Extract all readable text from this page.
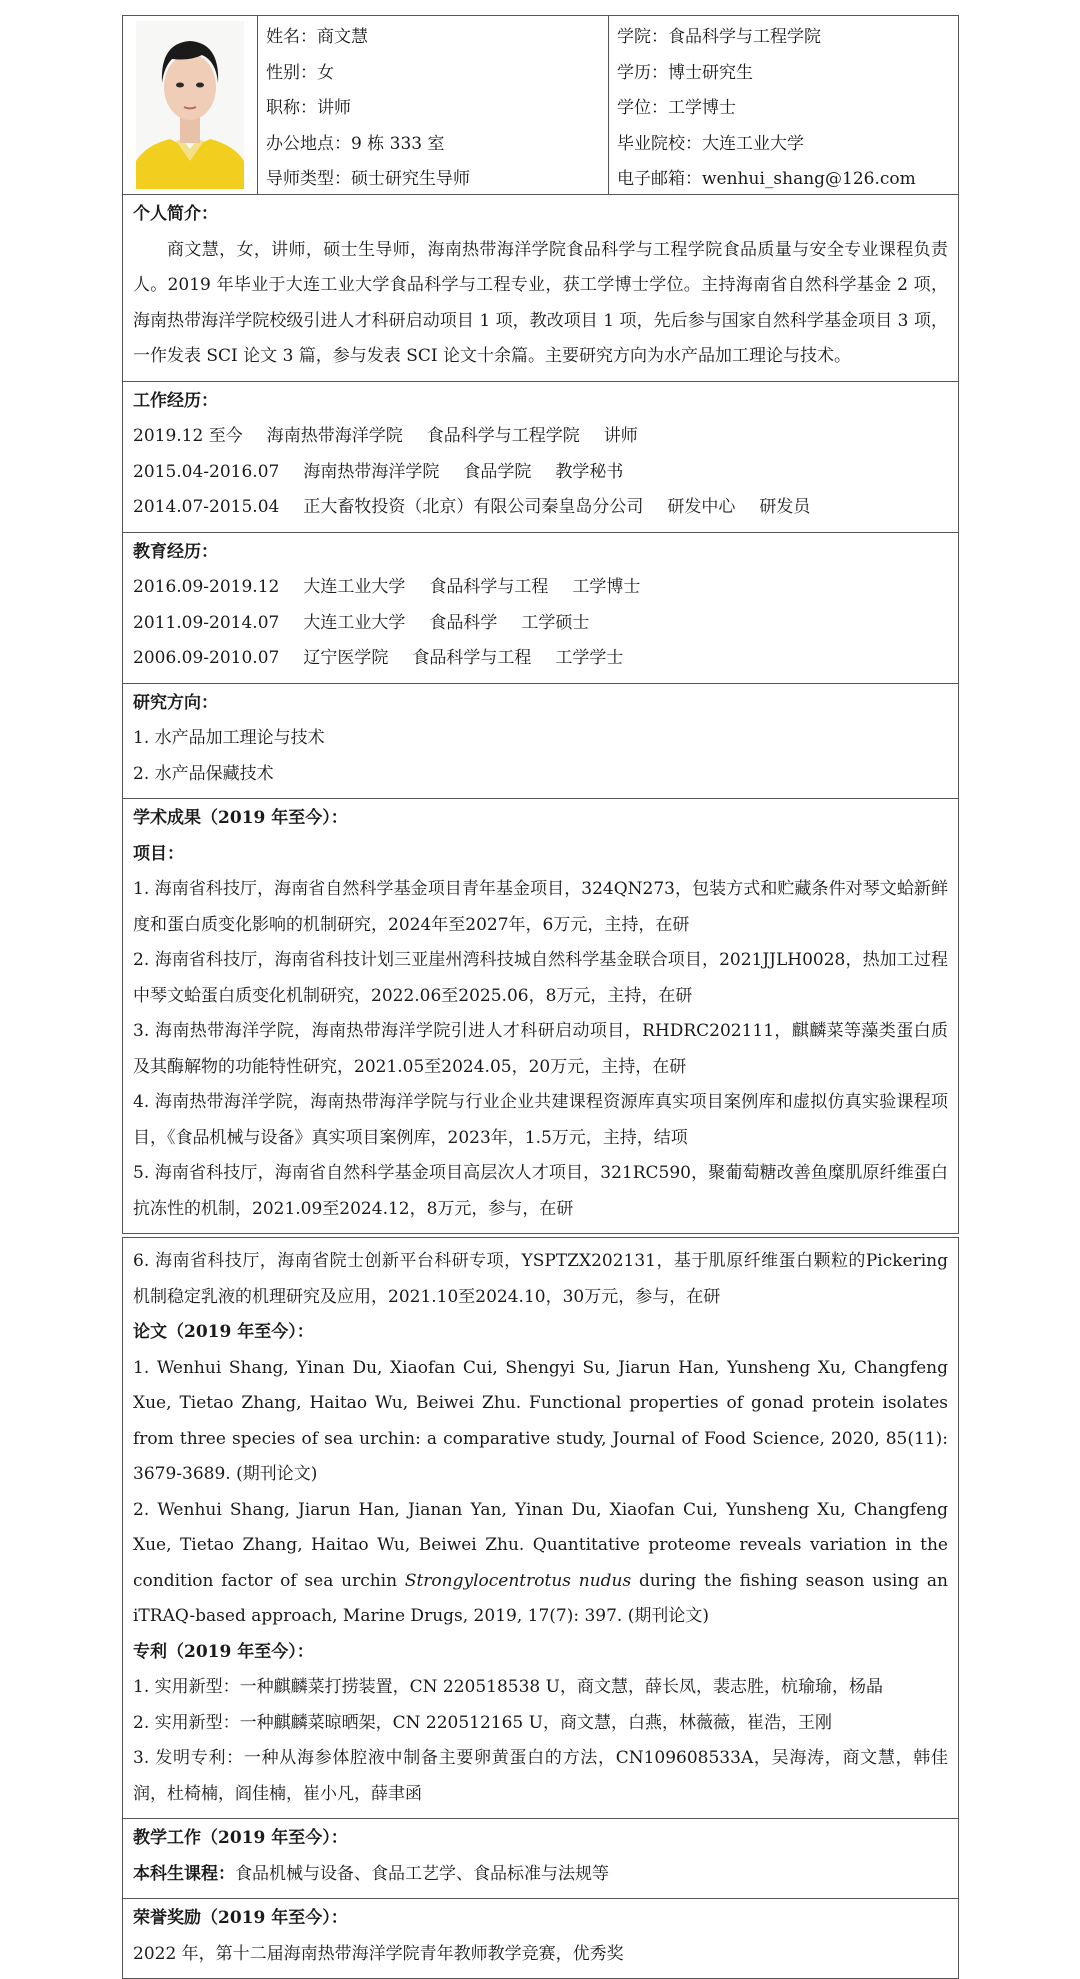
姓名：商文慧
性别：女
职称：讲师
办公地点：9 栋 333 室
导师类型：硕士研究生导师
学院：食品科学与工程学院
学历：博士研究生
学位：工学博士
毕业院校：大连工业大学
电子邮箱：wenhui_shang@126.com
个人简介：
商文慧，女，讲师，硕士生导师，海南热带海洋学院食品科学与工程学院食品质量与安全专业课程负责人。2019 年毕业于大连工业大学食品科学与工程专业，获工学博士学位。主持海南省自然科学基金 2 项，海南热带海洋学院校级引进人才科研启动项目 1 项，教改项目 1 项，先后参与国家自然科学基金项目 3 项，一作发表 SCI 论文 3 篇，参与发表 SCI 论文十余篇。主要研究方向为水产品加工理论与技术。
工作经历：
2019.12 至今 海南热带海洋学院 食品科学与工程学院 讲师
2015.04-2016.07 海南热带海洋学院 食品学院 教学秘书
2014.07-2015.04 正大畜牧投资（北京）有限公司秦皇岛分公司 研发中心 研发员
教育经历：
2016.09-2019.12 大连工业大学 食品科学与工程 工学博士
2011.09-2014.07 大连工业大学 食品科学 工学硕士
2006.09-2010.07 辽宁医学院 食品科学与工程 工学学士
研究方向：
1. 水产品加工理论与技术
2. 水产品保藏技术
学术成果（2019 年至今）：
项目：
1. 海南省科技厅，海南省自然科学基金项目青年基金项目，324QN273，包装方式和贮藏条件对琴文蛤新鲜度和蛋白质变化影响的机制研究，2024年至2027年，6万元，主持，在研
2. 海南省科技厅，海南省科技计划三亚崖州湾科技城自然科学基金联合项目，2021JJLH0028，热加工过程中琴文蛤蛋白质变化机制研究，2022.06至2025.06，8万元，主持，在研
3. 海南热带海洋学院，海南热带海洋学院引进人才科研启动项目，RHDRC202111，麒麟菜等藻类蛋白质及其酶解物的功能特性研究，2021.05至2024.05，20万元，主持，在研
4. 海南热带海洋学院，海南热带海洋学院与行业企业共建课程资源库真实项目案例库和虚拟仿真实验课程项目，《食品机械与设备》真实项目案例库，2023年，1.5万元，主持，结项
5. 海南省科技厅，海南省自然科学基金项目高层次人才项目，321RC590，聚葡萄糖改善鱼糜肌原纤维蛋白抗冻性的机制，2021.09至2024.12，8万元，参与，在研
6. 海南省科技厅，海南省院士创新平台科研专项，YSPTZX202131，基于肌原纤维蛋白颗粒的Pickering机制稳定乳液的机理研究及应用，2021.10至2024.10，30万元，参与，在研
论文（2019 年至今）：
1. Wenhui Shang, Yinan Du, Xiaofan Cui, Shengyi Su, Jiarun Han, Yunsheng Xu, Changfeng Xue, Tietao Zhang, Haitao Wu, Beiwei Zhu. Functional properties of gonad protein isolates from three species of sea urchin: a comparative study, Journal of Food Science, 2020, 85(11): 3679-3689. (期刊论文)
2. Wenhui Shang, Jiarun Han, Jianan Yan, Yinan Du, Xiaofan Cui, Yunsheng Xu, Changfeng Xue, Tietao Zhang, Haitao Wu, Beiwei Zhu. Quantitative proteome reveals variation in the condition factor of sea urchin Strongylocentrotus nudus during the fishing season using an iTRAQ-based approach, Marine Drugs, 2019, 17(7): 397. (期刊论文)
专利（2019 年至今）：
1. 实用新型：一种麒麟菜打捞装置，CN 220518538 U，商文慧，薛长凤，裴志胜，杭瑜瑜，杨晶
2. 实用新型：一种麒麟菜晾晒架，CN 220512165 U，商文慧，白燕，林薇薇，崔浩，王刚
3. 发明专利：一种从海参体腔液中制备主要卵黄蛋白的方法，CN109608533A，吴海涛，商文慧，韩佳润，杜椅楠，阎佳楠，崔小凡，薛聿函
教学工作（2019 年至今）：
本科生课程：食品机械与设备、食品工艺学、食品标准与法规等
荣誉奖励（2019 年至今）：
2022 年，第十二届海南热带海洋学院青年教师教学竞赛，优秀奖
